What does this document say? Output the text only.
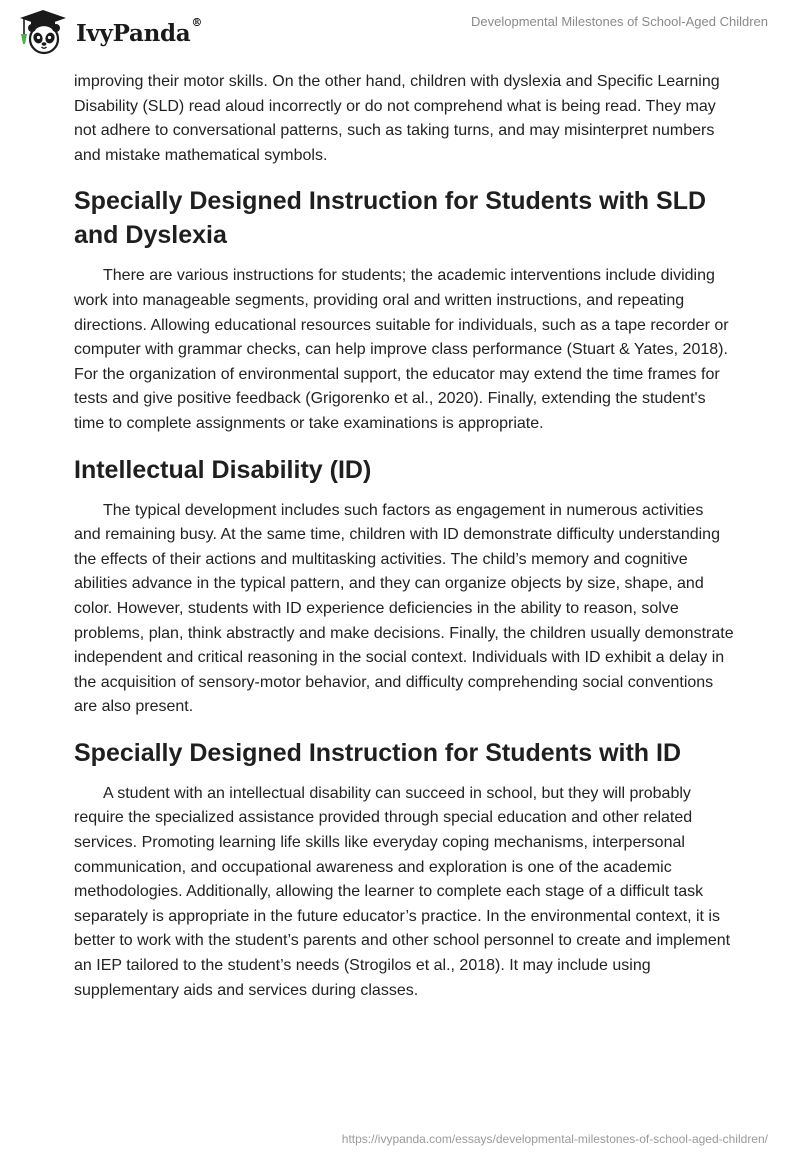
IvyPanda®	Developmental Milestones of School-Aged Children

improving their motor skills. On the other hand, children with dyslexia and Specific Learning Disability (SLD) read aloud incorrectly or do not comprehend what is being read. They may not adhere to conversational patterns, such as taking turns, and may misinterpret numbers and mistake mathematical symbols.

Specially Designed Instruction for Students with SLD and Dyslexia

There are various instructions for students; the academic interventions include dividing work into manageable segments, providing oral and written instructions, and repeating directions. Allowing educational resources suitable for individuals, such as a tape recorder or computer with grammar checks, can help improve class performance (Stuart & Yates, 2018). For the organization of environmental support, the educator may extend the time frames for tests and give positive feedback (Grigorenko et al., 2020). Finally, extending the student's time to complete assignments or take examinations is appropriate.

Intellectual Disability (ID)

The typical development includes such factors as engagement in numerous activities and remaining busy. At the same time, children with ID demonstrate difficulty understanding the effects of their actions and multitasking activities. The child’s memory and cognitive abilities advance in the typical pattern, and they can organize objects by size, shape, and color. However, students with ID experience deficiencies in the ability to reason, solve problems, plan, think abstractly and make decisions. Finally, the children usually demonstrate independent and critical reasoning in the social context. Individuals with ID exhibit a delay in the acquisition of sensory-motor behavior, and difficulty comprehending social conventions are also present.

Specially Designed Instruction for Students with ID

A student with an intellectual disability can succeed in school, but they will probably require the specialized assistance provided through special education and other related services. Promoting learning life skills like everyday coping mechanisms, interpersonal communication, and occupational awareness and exploration is one of the academic methodologies. Additionally, allowing the learner to complete each stage of a difficult task separately is appropriate in the future educator’s practice. In the environmental context, it is better to work with the student’s parents and other school personnel to create and implement an IEP tailored to the student’s needs (Strogilos et al., 2018). It may include using supplementary aids and services during classes.

https://ivypanda.com/essays/developmental-milestones-of-school-aged-children/
